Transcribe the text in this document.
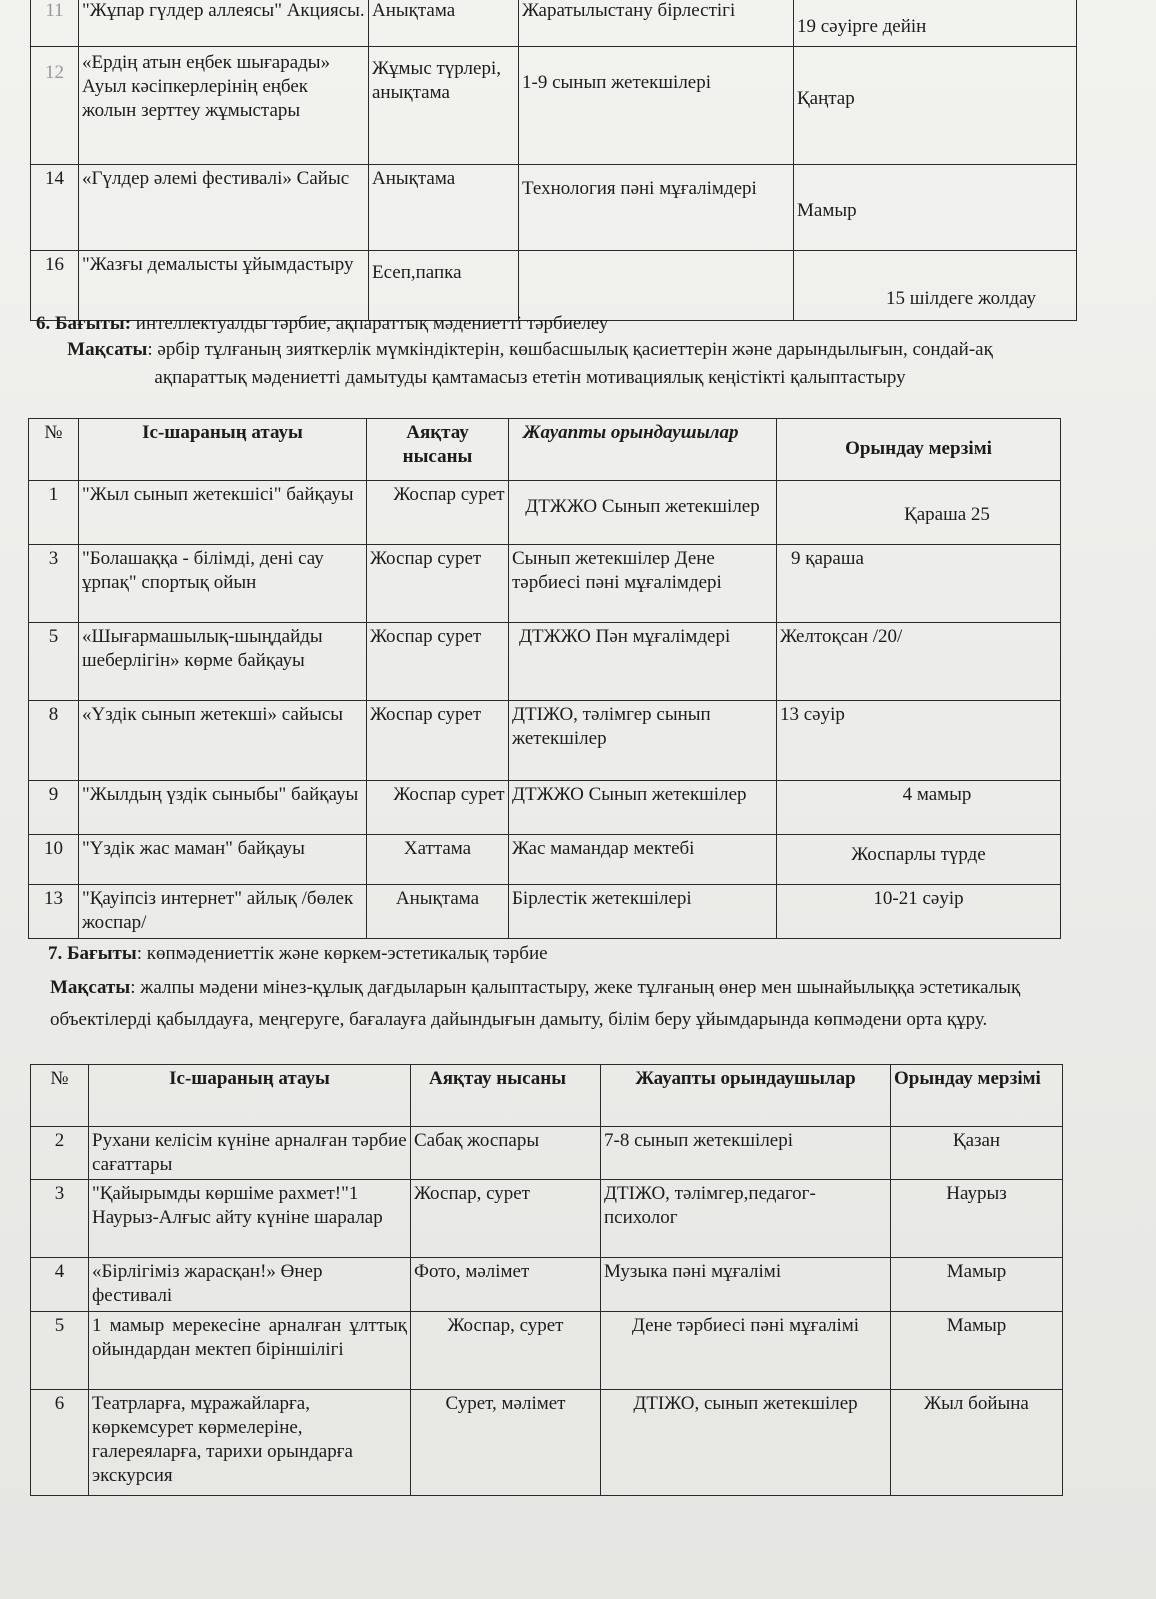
11	"Жұпар гүлдер аллеясы" Акциясы.	Анықтама	Жаратылыстану бірлестігі	19 сәуірге дейін
12	«Ердің атын еңбек шығарады» Ауыл кәсіпкерлерінің еңбек жолын зерттеу жұмыстары	Жұмыс түрлері, анықтама	1-9 сынып жетекшілері	Қаңтар
14	«Гүлдер әлемі фестивалі» Сайыс	Анықтама	Технология пәні мұғалімдері	Мамыр
16	"Жазғы демалысты ұйымдастыру	Есеп,папка		15 шілдеге жолдау
6. Бағыты: интеллектуалды тәрбие, ақпараттық мәдениетті тәрбиелеу
Мақсаты: әрбір тұлғаның зияткерлік мүмкіндіктерін, көшбасшылық қасиеттерін және дарындылығын, сондай-ақ ақпараттық мәдениетті дамытуды қамтамасыз ететін мотивациялық кеңістікті қалыптастыру
№	Іс-шараның атауы	Аяқтау нысаны	Жауапты орындаушылар	Орындау мерзімі
1	"Жыл сынып жетекшісі" байқауы	Жоспар сурет	ДТЖЖО Сынып жетекшілер	Қараша 25
3	"Болашаққа - білімді, дені сау ұрпақ" спортық ойын	Жоспар сурет	Сынып жетекшілер Дене тәрбиесі пәні мұғалімдері	9 қараша
5	«Шығармашылық-шыңдайды шеберлігін» көрме байқауы	Жоспар сурет	ДТЖЖО Пән мұғалімдері	Желтоқсан /20/
8	«Үздік сынып жетекші» сайысы	Жоспар сурет	ДТІЖО, тәлімгер сынып жетекшілер	13 сәуір
9	"Жылдың үздік сыныбы" байқауы	Жоспар сурет	ДТЖЖО Сынып жетекшілер	4 мамыр
10	"Үздік жас маман" байқауы	Хаттама	Жас мамандар мектебі	Жоспарлы түрде
13	"Қауіпсіз интернет" айлық /бөлек жоспар/	Анықтама	Бірлестік жетекшілері	10-21 сәуір
7. Бағыты: көпмәдениеттік және көркем-эстетикалық тәрбие
Мақсаты: жалпы мәдени мінез-құлық дағдыларын қалыптастыру, жеке тұлғаның өнер мен шынайылыққа эстетикалық объектілерді қабылдауға, меңгеруге, бағалауға дайындығын дамыту, білім беру ұйымдарында көпмәдени орта құру.
№	Іс-шараның атауы	Аяқтау нысаны	Жауапты орындаушылар	Орындау мерзімі
2	Рухани келісім күніне арналған тәрбие сағаттары	Сабақ жоспары	7-8 сынып жетекшілері	Қазан
3	"Қайырымды көршіме рахмет!"1 Наурыз-Алғыс айту күніне шаралар	Жоспар, сурет	ДТІЖО, тәлімгер,педагог-психолог	Наурыз
4	«Бірлігіміз жарасқан!» Өнер фестивалі	Фото, мәлімет	Музыка пәні мұғалімі	Мамыр
5	1 мамыр мерекесіне арналған ұлттық ойындардан мектеп біріншілігі	Жоспар, сурет	Дене тәрбиесі пәні мұғалімі	Мамыр
6	Театрларға, мұражайларға, көркемсурет көрмелеріне, галереяларға, тарихи орындарға экскурсия	Сурет, мәлімет	ДТІЖО, сынып жетекшілер	Жыл бойына
